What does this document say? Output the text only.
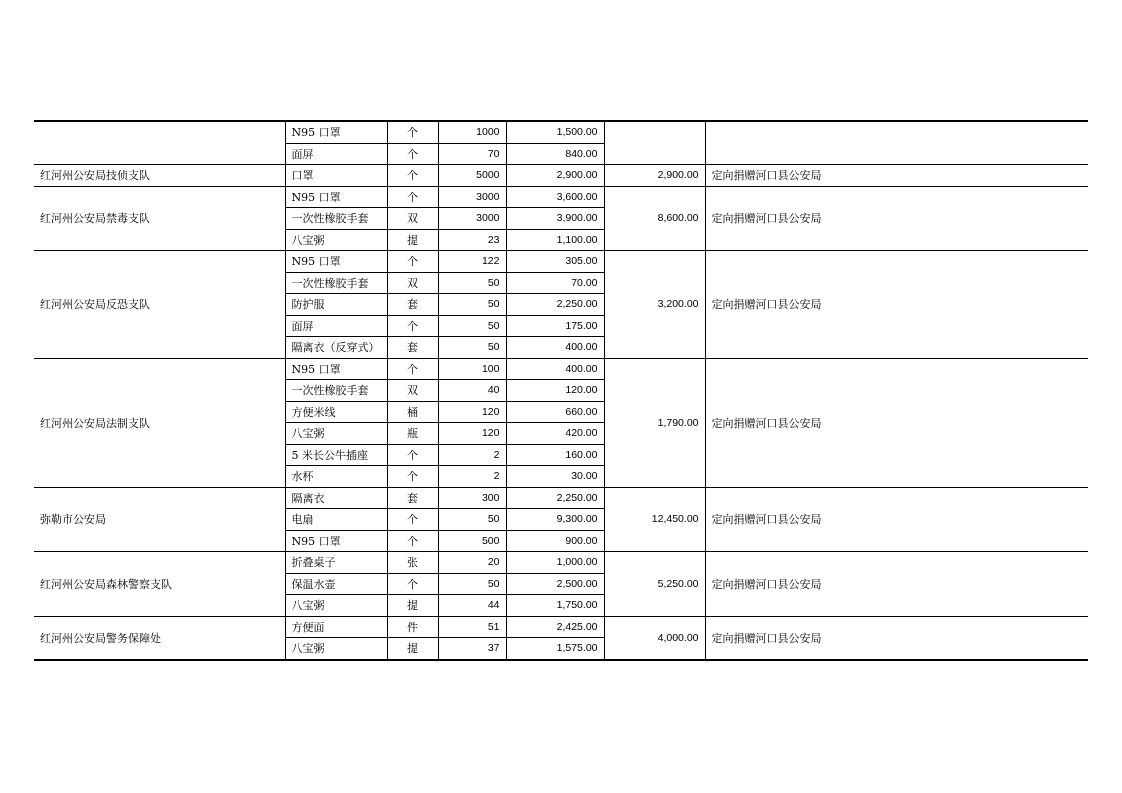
	N95 口罩	个	1000	1,500.00		
	面屏	个	70	840.00		
红河州公安局技侦支队	口罩	个	5000	2,900.00	2,900.00	定向捐赠河口县公安局
红河州公安局禁毒支队	N95 口罩	个	3000	3,600.00	8,600.00	定向捐赠河口县公安局
	一次性橡胶手套	双	3000	3,900.00		
	八宝粥	提	23	1,100.00		
红河州公安局反恐支队	N95 口罩	个	122	305.00	3,200.00	定向捐赠河口县公安局
	一次性橡胶手套	双	50	70.00		
	防护服	套	50	2,250.00		
	面屏	个	50	175.00		
	隔离衣（反穿式）	套	50	400.00		
红河州公安局法制支队	N95 口罩	个	100	400.00	1,790.00	定向捐赠河口县公安局
	一次性橡胶手套	双	40	120.00		
	方便米线	桶	120	660.00		
	八宝粥	瓶	120	420.00		
	5 米长公牛插座	个	2	160.00		
	水杯	个	2	30.00		
弥勒市公安局	隔离衣	套	300	2,250.00	12,450.00	定向捐赠河口县公安局
	电扇	个	50	9,300.00		
	N95 口罩	个	500	900.00		
红河州公安局森林警察支队	折叠桌子	张	20	1,000.00	5,250.00	定向捐赠河口县公安局
	保温水壶	个	50	2,500.00		
	八宝粥	提	44	1,750.00		
红河州公安局警务保障处	方便面	件	51	2,425.00	4,000.00	定向捐赠河口县公安局
	八宝粥	提	37	1,575.00		
